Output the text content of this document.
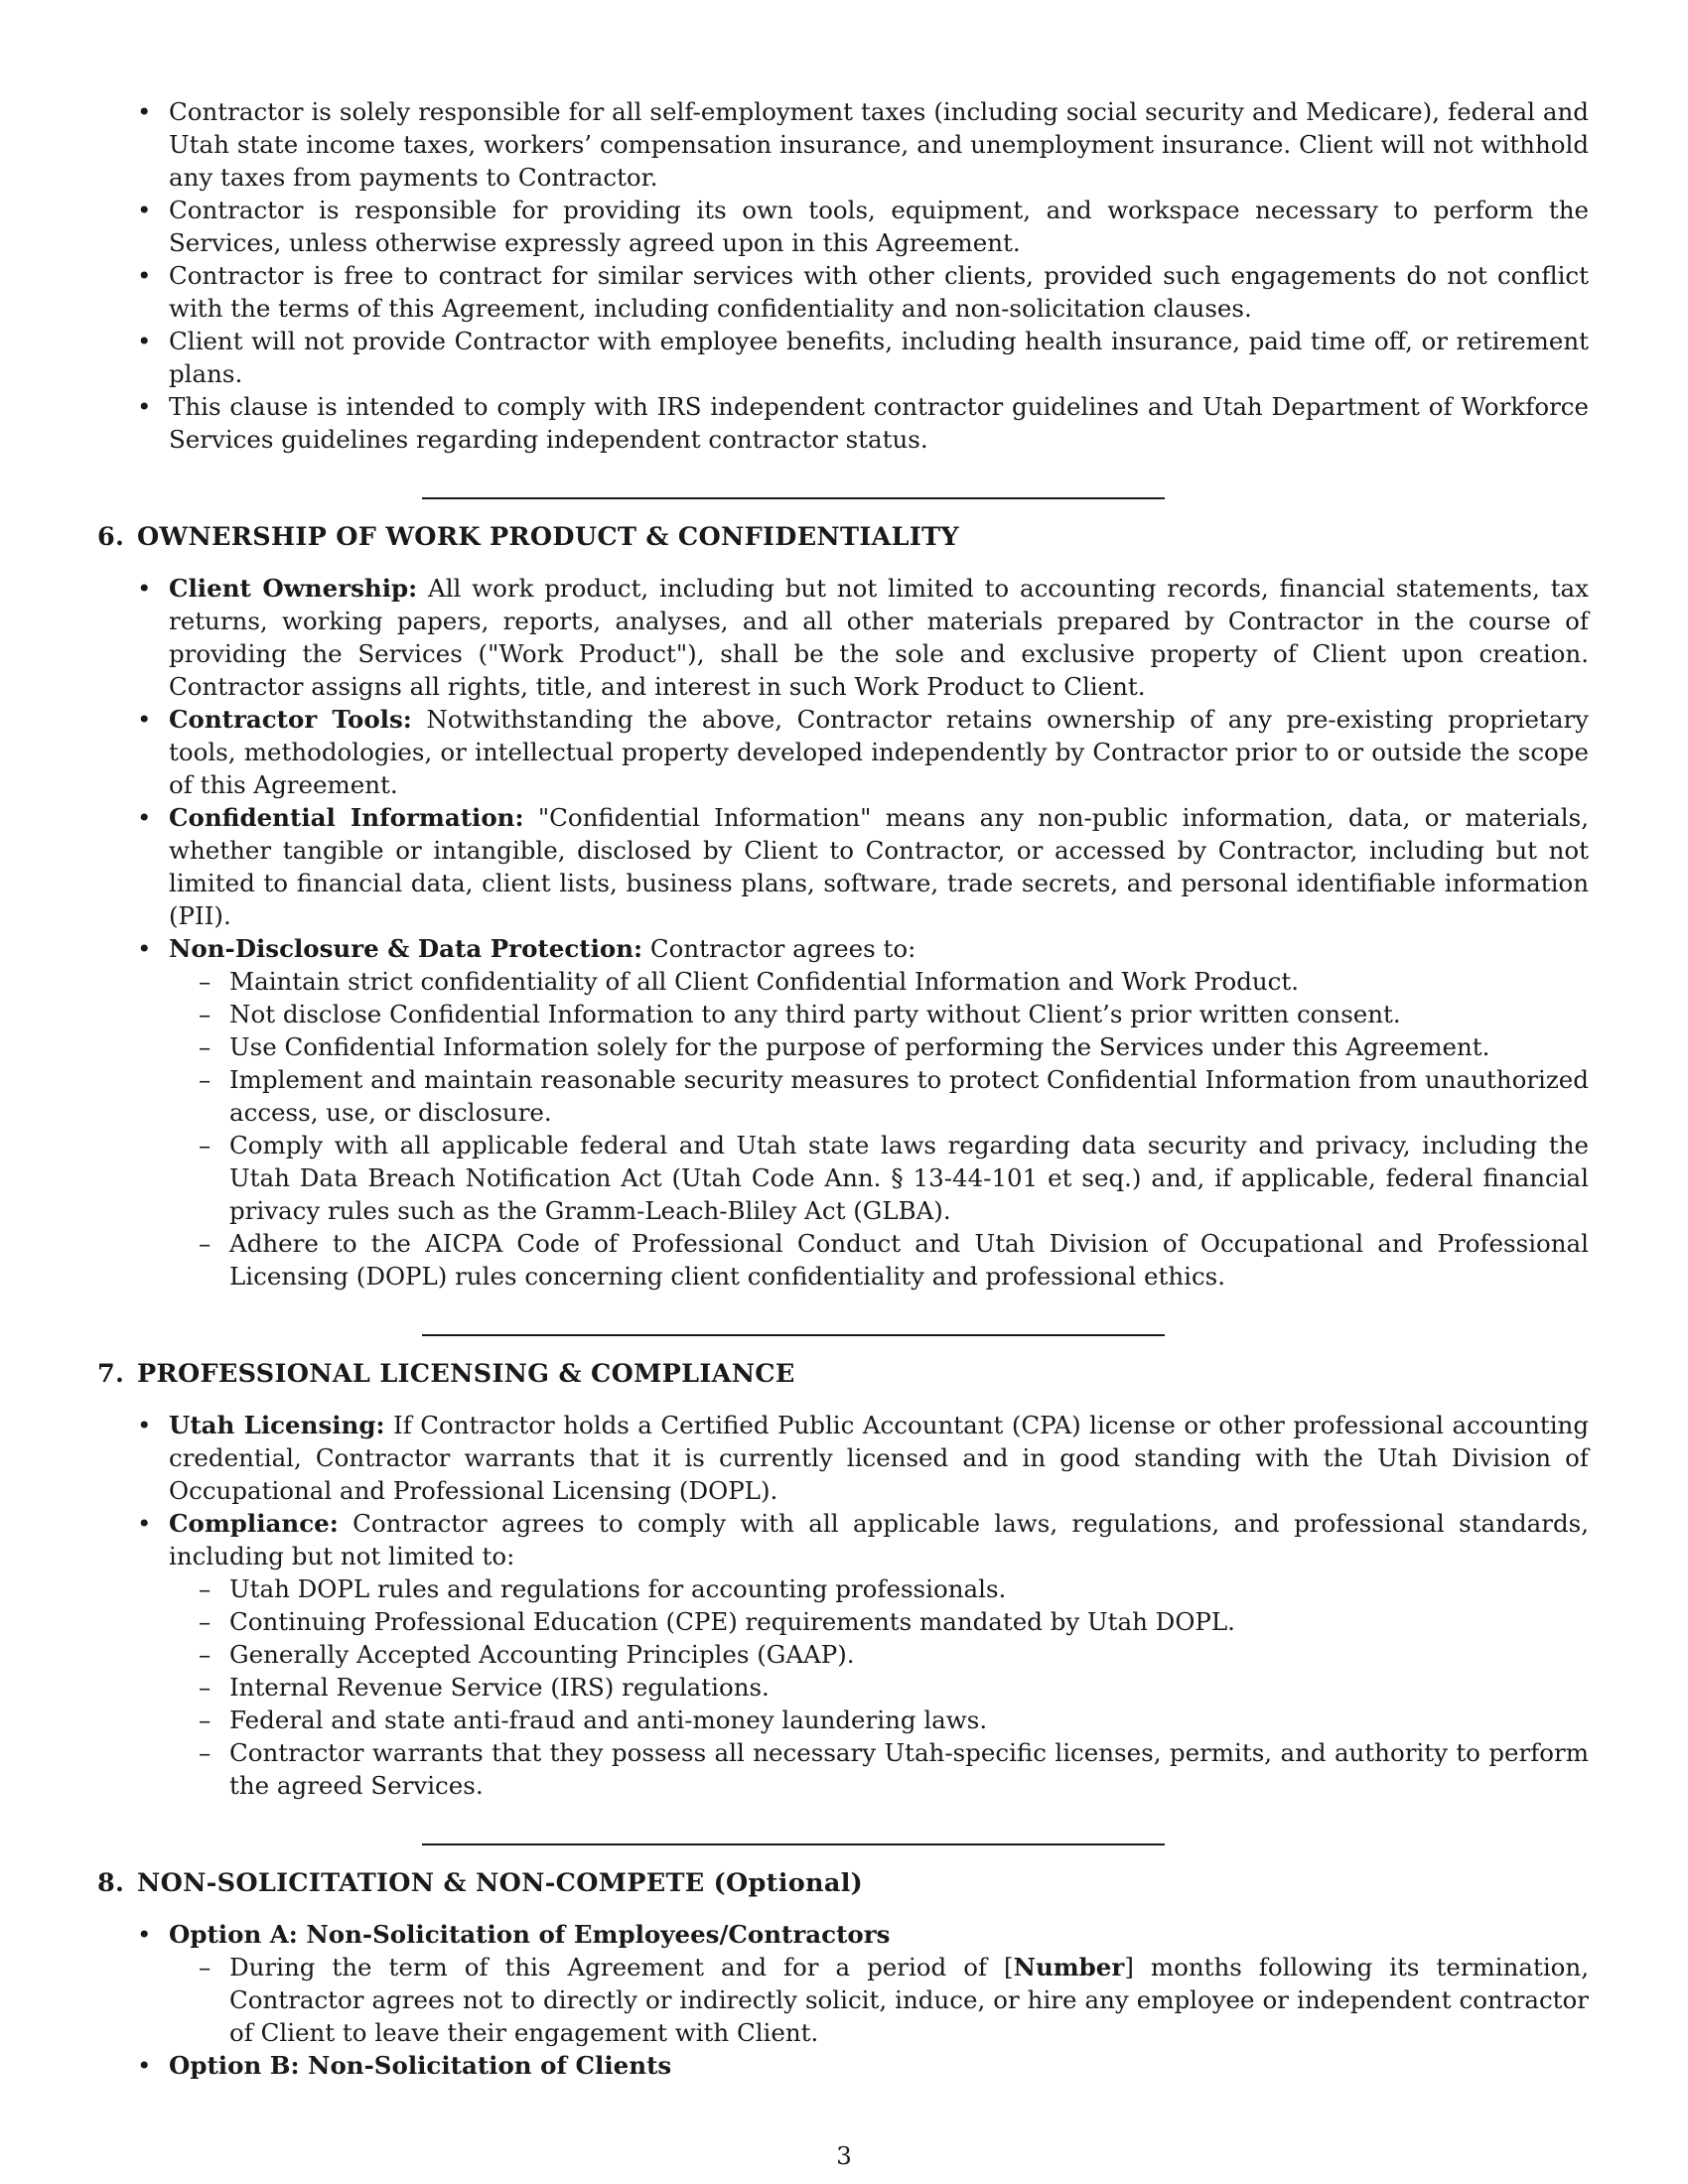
• Contractor is solely responsible for all self-employment taxes (including social security and Medicare), federal and Utah state income taxes, workers’ compensation insurance, and unemployment insurance. Client will not withhold any taxes from payments to Contractor.
• Contractor is responsible for providing its own tools, equipment, and workspace necessary to perform the Services, unless otherwise expressly agreed upon in this Agreement.
• Contractor is free to contract for similar services with other clients, provided such engagements do not conflict with the terms of this Agreement, including confidentiality and non-solicitation clauses.
• Client will not provide Contractor with employee benefits, including health insurance, paid time off, or retirement plans.
• This clause is intended to comply with IRS independent contractor guidelines and Utah Department of Workforce Services guidelines regarding independent contractor status.
6. OWNERSHIP OF WORK PRODUCT & CONFIDENTIALITY
• Client Ownership: All work product, including but not limited to accounting records, financial statements, tax returns, working papers, reports, analyses, and all other materials prepared by Contractor in the course of providing the Services ("Work Product"), shall be the sole and exclusive property of Client upon creation. Contractor assigns all rights, title, and interest in such Work Product to Client.
• Contractor Tools: Notwithstanding the above, Contractor retains ownership of any pre-existing proprietary tools, methodologies, or intellectual property developed independently by Contractor prior to or outside the scope of this Agreement.
• Confidential Information: "Confidential Information" means any non-public information, data, or materials, whether tangible or intangible, disclosed by Client to Contractor, or accessed by Contractor, including but not limited to financial data, client lists, business plans, software, trade secrets, and personal identifiable information (PII).
• Non-Disclosure & Data Protection: Contractor agrees to:
– Maintain strict confidentiality of all Client Confidential Information and Work Product.
– Not disclose Confidential Information to any third party without Client’s prior written consent.
– Use Confidential Information solely for the purpose of performing the Services under this Agreement.
– Implement and maintain reasonable security measures to protect Confidential Information from unauthorized access, use, or disclosure.
– Comply with all applicable federal and Utah state laws regarding data security and privacy, including the Utah Data Breach Notification Act (Utah Code Ann. § 13-44-101 et seq.) and, if applicable, federal financial privacy rules such as the Gramm-Leach-Bliley Act (GLBA).
– Adhere to the AICPA Code of Professional Conduct and Utah Division of Occupational and Professional Licensing (DOPL) rules concerning client confidentiality and professional ethics.
7. PROFESSIONAL LICENSING & COMPLIANCE
• Utah Licensing: If Contractor holds a Certified Public Accountant (CPA) license or other professional accounting credential, Contractor warrants that it is currently licensed and in good standing with the Utah Division of Occupational and Professional Licensing (DOPL).
• Compliance: Contractor agrees to comply with all applicable laws, regulations, and professional standards, including but not limited to:
– Utah DOPL rules and regulations for accounting professionals.
– Continuing Professional Education (CPE) requirements mandated by Utah DOPL.
– Generally Accepted Accounting Principles (GAAP).
– Internal Revenue Service (IRS) regulations.
– Federal and state anti-fraud and anti-money laundering laws.
– Contractor warrants that they possess all necessary Utah-specific licenses, permits, and authority to perform the agreed Services.
8. NON-SOLICITATION & NON-COMPETE (Optional)
• Option A: Non-Solicitation of Employees/Contractors
– During the term of this Agreement and for a period of [Number] months following its termination, Contractor agrees not to directly or indirectly solicit, induce, or hire any employee or independent contractor of Client to leave their engagement with Client.
• Option B: Non-Solicitation of Clients
3
